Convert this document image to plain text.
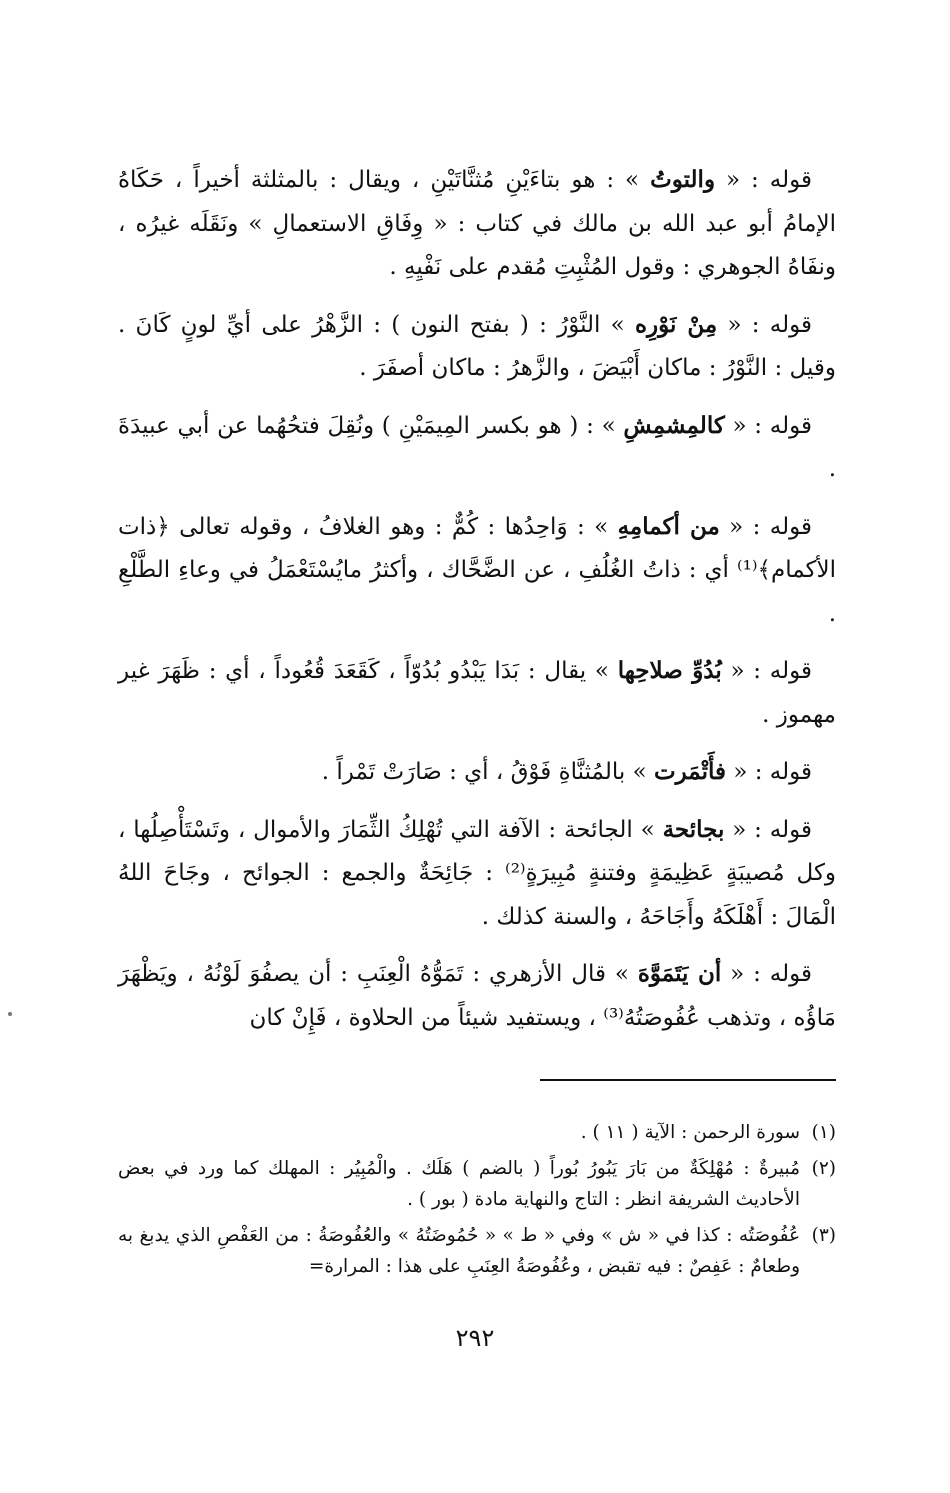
قوله : « والتوتُ » : هو بتاءَيْنِ مُثنَّاتَيْنِ ، ويقال : بالمثلثة أخيراً ، حَكَاهُ الإمامُ أبو عبد الله بن مالك في كتاب : « وِفَاقِ الاستعمالِ » ونَقَلَه غيرُه ، ونفَاهُ الجوهري : وقول المُثْبِتِ مُقدم على نَفْيِهِ .

قوله : « مِنْ نَوْرِه » النَّوْرُ : ( بفتح النون ) : الزَّهْرُ على أيِّ لونٍ كَانَ . وقيل : النَّوْرُ : ماكان أَبْيَضَ ، والزَّهرُ : ماكان أصفَرَ .

قوله : « كالمِشمِشِ » : ( هو بكسر المِيمَيْنِ ) ونُقِلَ فتحُهُما عن أبي عبيدَةَ .

قوله : « من أكمامِهِ » : وَاحِدُها : كُمٌّ : وهو الغلافُ ، وقوله تعالى ﴿ذات الأكمام﴾⁽¹⁾ أي : ذاتُ الغُلُفِ ، عن الضَّحَّاك ، وأكثرُ مايُسْتَعْمَلُ في وعاءِ الطَّلْعِ .

قوله : « بُدُوِّ صلاحِها » يقال : بَدَا يَبْدُو بُدُوّاً ، كَقَعَدَ قُعُوداً ، أي : ظَهَرَ غير مهموز .

قوله : « فأَتْمَرت » بالمُثنَّاةِ فَوْقُ ، أي : صَارَتْ تَمْراً .

قوله : « بجائحة » الجائحة : الآفة التي تُهْلِكُ الثِّمَارَ والأموال ، وتَسْتَأْصِلُها ، وكل مُصيبَةٍ عَظِيمَةٍ وفتنةٍ مُبِيرَةٍ⁽²⁾ : جَائِحَةٌ والجمع : الجوائح ، وجَاحَ اللهُ الْمَالَ : أَهْلَكَهُ وأَجَاحَهُ ، والسنة كذلك .

قوله : « أن يَتَمَوَّهَ » قال الأزهري : تَمَوُّهُ الْعِنَبِ : أن يصفُوَ لَوْنُهُ ، ويَظْهَرَ مَاؤُه ، وتذهب عُفُوصَتُهُ⁽³⁾ ، ويستفيد شيئاً من الحلاوة ، فَإِنْ كان

(١)
سورة الرحمن : الآية ( ١١ ) .
(٢)
مُبيرةٌ : مُهْلِكَةٌ من بَارَ يَبُورُ بُوراً ( بالضم ) هَلَك . والْمُبِيُر : المهلك كما ورد في بعض الأحاديث الشريفة انظر : التاج والنهاية مادة ( بور ) .
(٣)
عُفُوصَتُه : كذا في « ش » وفي « ط » « حُمُوضَتُهُ » والعُفُوصَةُ : من العَفْصِ الذي يدبغ به وطعامٌ : عَفِصٌ : فيه تقبض ، وعُفُوصَةُ العِنَبِ على هذا : المرارة=
٢٩٢
